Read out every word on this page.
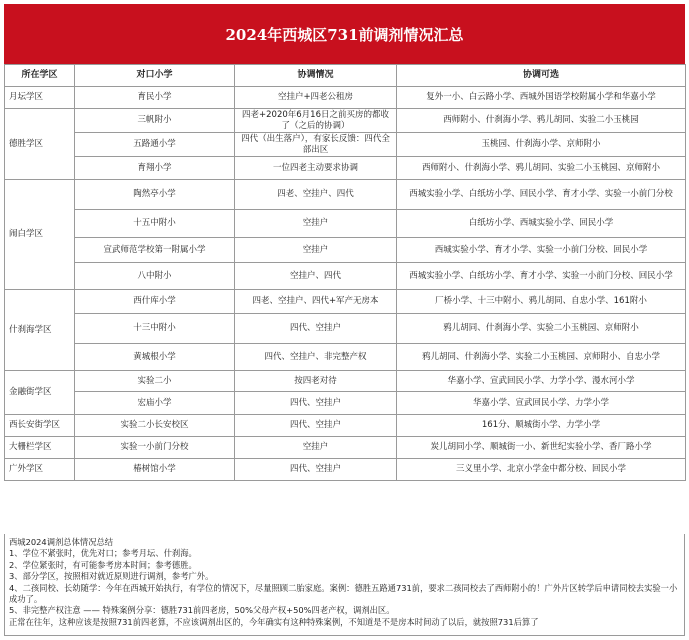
2024年西城区731前调剂情况汇总
所在学区	对口小学	协调情况	协调可选
月坛学区	育民小学	空挂户+四老公租房	复外一小、白云路小学、西城外国语学校附属小学和华嘉小学
德胜学区	三帆附小	四老+2020年6月16日之前买房的都收了（之后的协调）	西师附小、什刹海小学、鸦儿胡同、实验二小玉桃园
	五路通小学	四代（出生落户），有家长反馈：四代全部出区	玉桃园、什刹海小学、京师附小
	育翔小学	一位四老主动要求协调	西师附小、什刹海小学、鸦儿胡同、实验二小玉桃园、京师附小
闹白学区	陶然亭小学	四老、空挂户、四代	西城实验小学、白纸坊小学、回民小学、育才小学、实验一小前门分校
	十五中附小	空挂户	白纸坊小学、西城实验小学、回民小学
	宣武师范学校第一附属小学	空挂户	西城实验小学、育才小学、实验一小前门分校、回民小学
	八中附小	空挂户、四代	西城实验小学、白纸坊小学、育才小学、实验一小前门分校、回民小学
什刹海学区	西什库小学	四老、空挂户、四代+军产无房本	厂桥小学、十三中附小、鸦儿胡同、自忠小学、161附小
	十三中附小	四代、空挂户	鸦儿胡同、什刹海小学、实验二小玉桃园、京师附小
	黄城根小学	四代、空挂户、非完整产权	鸦儿胡同、什刹海小学、实验二小玉桃园、京师附小、自忠小学
金融街学区	实验二小	按四老对待	华嘉小学、宣武回民小学、力学小学、漫水河小学
	宏庙小学	四代、空挂户	华嘉小学、宣武回民小学、力学小学
西长安街学区	实验二小长安校区	四代、空挂户	161分、顺城街小学、力学小学
大栅栏学区	实验一小前门分校	空挂户	炭儿胡同小学、顺城街一小、新世纪实验小学、香厂路小学
广外学区	椿树馆小学	四代、空挂户	三义里小学、北京小学金中都分校、回民小学
西城2024调剂总体情况总结
1、学位不紧张时，优先对口；参考月坛、什刹海。
2、学位紧张时，有可能参考房本时间；参考德胜。
3、部分学区，按照相对就近原则进行调剂，参考广外。
4、二孩同校、长幼随学：今年在西城开始执行，有学位的情况下，尽量照顾二胎家庭。案例：德胜五路通731前，要求二孩同校去了西师附小的！广外片区转学后申请同校去实验一小成功了。
5、非完整产权注意 —— 特殊案例分享：德胜731前四老房，50%父母产权+50%四老产权，调剂出区。
正常在往年，这种应该是按照731前四老算，不应该调剂出区的，今年确实有这种特殊案例，不知道是不是房本时间动了以后，就按照731后算了
